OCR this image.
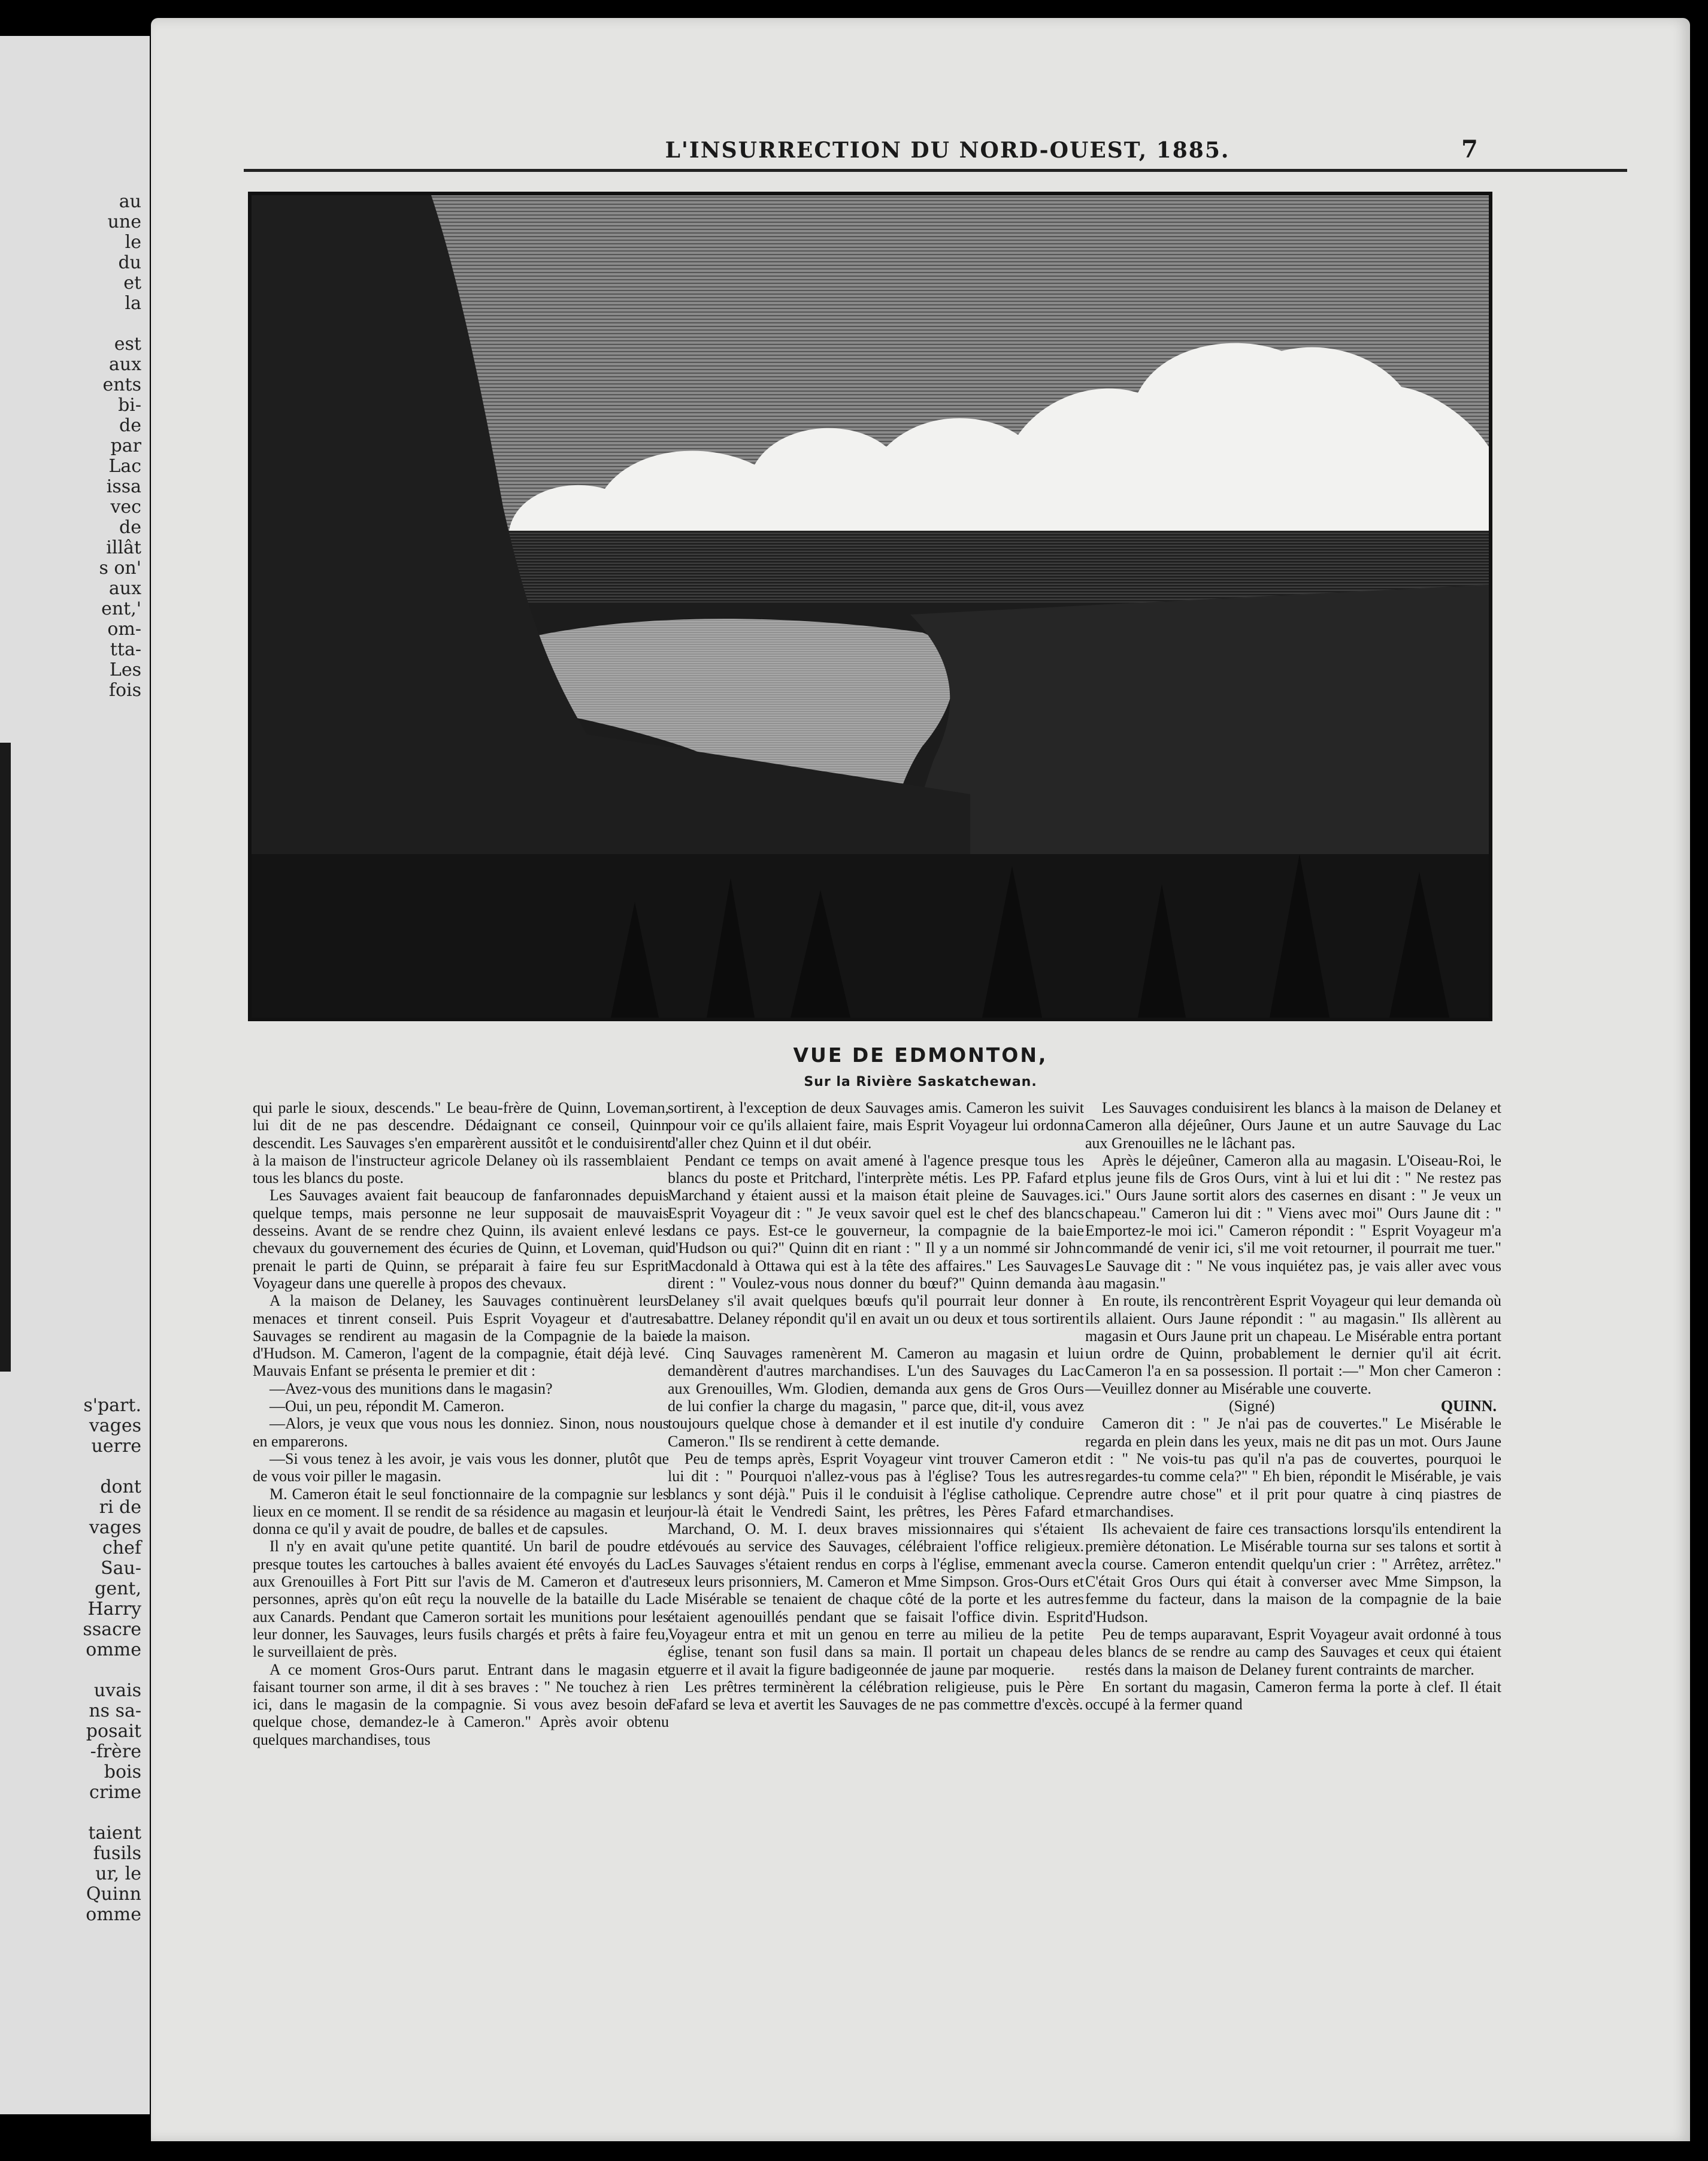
au
une
le
du
et
la
est
aux
ents
bi-
de
par
Lac
issa
vec
de
illât
s on'
aux
ent,'
om-
tta-
Les
fois
s'part.
vages
uerre
dont
ri de
vages
chef
Sau-
gent,
Harry
ssacre
omme
uvais
ns sa-
posait
-frère
bois
crime
taient
fusils
ur, le
Quinn
omme
L'INSURRECTION DU NORD-OUEST, 1885.	7
VUE DE EDMONTON,
Sur la Rivière Saskatchewan.

qui parle le sioux, descends." Le beau-frère de Quinn, Loveman, lui dit de ne pas descendre. Dédaignant ce conseil, Quinn descendit. Les Sauvages s'en emparèrent aussitôt et le conduisirent à la maison de l'instructeur agricole Delaney où ils rassemblaient tous les blancs du poste.

Les Sauvages avaient fait beaucoup de fanfaronnades depuis quelque temps, mais personne ne leur supposait de mauvais desseins. Avant de se rendre chez Quinn, ils avaient enlevé les chevaux du gouvernement des écuries de Quinn, et Loveman, qui prenait le parti de Quinn, se préparait à faire feu sur Esprit Voyageur dans une querelle à propos des chevaux.

A la maison de Delaney, les Sauvages continuèrent leurs menaces et tinrent conseil. Puis Esprit Voyageur et d'autres Sauvages se rendirent au magasin de la Compagnie de la baie d'Hudson. M. Cameron, l'agent de la compagnie, était déjà levé. Mauvais Enfant se présenta le premier et dit :

—Avez-vous des munitions dans le magasin?

—Oui, un peu, répondit M. Cameron.

—Alors, je veux que vous nous les donniez. Sinon, nous nous en emparerons.

—Si vous tenez à les avoir, je vais vous les donner, plutôt que de vous voir piller le magasin.

M. Cameron était le seul fonctionnaire de la compagnie sur les lieux en ce moment. Il se rendit de sa résidence au magasin et leur donna ce qu'il y avait de poudre, de balles et de capsules.

Il n'y en avait qu'une petite quantité. Un baril de poudre et presque toutes les cartouches à balles avaient été envoyés du Lac aux Grenouilles à Fort Pitt sur l'avis de M. Cameron et d'autres personnes, après qu'on eût reçu la nouvelle de la bataille du Lac aux Canards. Pendant que Cameron sortait les munitions pour les leur donner, les Sauvages, leurs fusils chargés et prêts à faire feu, le surveillaient de près.

A ce moment Gros-Ours parut. Entrant dans le magasin et faisant tourner son arme, il dit à ses braves : " Ne touchez à rien ici, dans le magasin de la compagnie. Si vous avez besoin de quelque chose, demandez-le à Cameron." Après avoir obtenu quelques marchandises, tous

sortirent, à l'exception de deux Sauvages amis. Cameron les suivit pour voir ce qu'ils allaient faire, mais Esprit Voyageur lui ordonna d'aller chez Quinn et il dut obéir.

Pendant ce temps on avait amené à l'agence presque tous les blancs du poste et Pritchard, l'interprète métis. Les PP. Fafard et Marchand y étaient aussi et la maison était pleine de Sauvages. Esprit Voyageur dit : " Je veux savoir quel est le chef des blancs dans ce pays. Est-ce le gouverneur, la compagnie de la baie d'Hudson ou qui?" Quinn dit en riant : " Il y a un nommé sir John Macdonald à Ottawa qui est à la tête des affaires." Les Sauvages dirent : " Voulez-vous nous donner du bœuf?" Quinn demanda à Delaney s'il avait quelques bœufs qu'il pourrait leur donner à abattre. Delaney répondit qu'il en avait un ou deux et tous sortirent de la maison.

Cinq Sauvages ramenèrent M. Cameron au magasin et lui demandèrent d'autres marchandises. L'un des Sauvages du Lac aux Grenouilles, Wm. Glodien, demanda aux gens de Gros Ours de lui confier la charge du magasin, " parce que, dit-il, vous avez toujours quelque chose à demander et il est inutile d'y conduire Cameron." Ils se rendirent à cette demande.

Peu de temps après, Esprit Voyageur vint trouver Cameron et lui dit : " Pourquoi n'allez-vous pas à l'église? Tous les autres blancs y sont déjà." Puis il le conduisit à l'église catholique. Ce jour-là était le Vendredi Saint, les prêtres, les Pères Fafard et Marchand, O. M. I. deux braves missionnaires qui s'étaient dévoués au service des Sauvages, célébraient l'office religieux. Les Sauvages s'étaient rendus en corps à l'église, emmenant avec eux leurs prisonniers, M. Cameron et Mme Simpson. Gros-Ours et le Misérable se tenaient de chaque côté de la porte et les autres étaient agenouillés pendant que se faisait l'office divin. Esprit Voyageur entra et mit un genou en terre au milieu de la petite église, tenant son fusil dans sa main. Il portait un chapeau de guerre et il avait la figure badigeonnée de jaune par moquerie.

Les prêtres terminèrent la célébration religieuse, puis le Père Fafard se leva et avertit les Sauvages de ne pas commettre d'excès.

Les Sauvages conduisirent les blancs à la maison de Delaney et Cameron alla déjeûner, Ours Jaune et un autre Sauvage du Lac aux Grenouilles ne le lâchant pas.

Après le déjeûner, Cameron alla au magasin. L'Oiseau-Roi, le plus jeune fils de Gros Ours, vint à lui et lui dit : " Ne restez pas ici." Ours Jaune sortit alors des casernes en disant : " Je veux un chapeau." Cameron lui dit : " Viens avec moi" Ours Jaune dit : " Emportez-le moi ici." Cameron répondit : " Esprit Voyageur m'a commandé de venir ici, s'il me voit retourner, il pourrait me tuer." Le Sauvage dit : " Ne vous inquiétez pas, je vais aller avec vous au magasin."

En route, ils rencontrèrent Esprit Voyageur qui leur demanda où ils allaient. Ours Jaune répondit : " au magasin." Ils allèrent au magasin et Ours Jaune prit un chapeau. Le Misérable entra portant un ordre de Quinn, probablement le dernier qu'il ait écrit. Cameron l'a en sa possession. Il portait :—" Mon cher Cameron :—Veuillez donner au Misérable une couverte.

(Signé)	QUINN.

Cameron dit : " Je n'ai pas de couvertes." Le Misérable le regarda en plein dans les yeux, mais ne dit pas un mot. Ours Jaune dit : " Ne vois-tu pas qu'il n'a pas de couvertes, pourquoi le regardes-tu comme cela?" " Eh bien, répondit le Misérable, je vais prendre autre chose" et il prit pour quatre à cinq piastres de marchandises.

Ils achevaient de faire ces transactions lorsqu'ils entendirent la première détonation. Le Misérable tourna sur ses talons et sortit à la course. Cameron entendit quelqu'un crier : " Arrêtez, arrêtez." C'était Gros Ours qui était à converser avec Mme Simpson, la femme du facteur, dans la maison de la compagnie de la baie d'Hudson.

Peu de temps auparavant, Esprit Voyageur avait ordonné à tous les blancs de se rendre au camp des Sauvages et ceux qui étaient restés dans la maison de Delaney furent contraints de marcher.

En sortant du magasin, Cameron ferma la porte à clef. Il était occupé à la fermer quand
